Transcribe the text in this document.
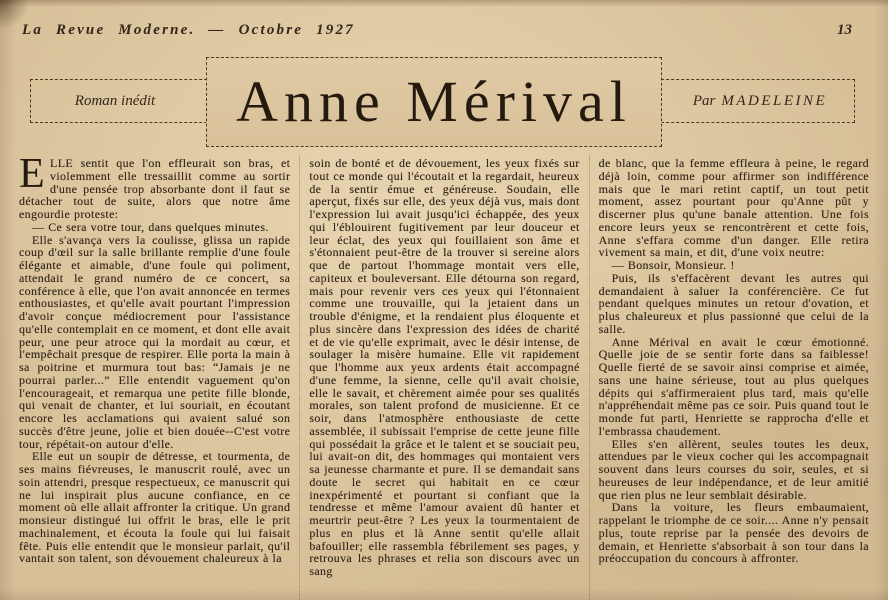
La Revue Moderne. — Octobre 1927	13
Roman inédit	Par MADELEINE
Anne Mérival

ELLE sentit que l'on effleurait son bras, et violemment elle tressaillit comme au sortir d'une pensée trop absorbante dont il faut se détacher tout de suite, alors que notre âme engourdie proteste:

— Ce sera votre tour, dans quelques minutes.

Elle s'avança vers la coulisse, glissa un rapide coup d'œil sur la salle brillante remplie d'une foule élégante et aimable, d'une foule qui poliment, attendait le grand numéro de ce concert, sa conférence à elle, que l'on avait annoncée en termes enthousiastes, et qu'elle avait pourtant l'impression d'avoir conçue médiocrement pour l'assistance qu'elle contemplait en ce moment, et dont elle avait peur, une peur atroce qui la mordait au cœur, et l'empêchait presque de respirer. Elle porta la main à sa poitrine et murmura tout bas: “Jamais je ne pourrai parler...” Elle entendit vaguement qu'on l'encourageait, et remarqua une petite fille blonde, qui venait de chanter, et lui souriait, en écoutant encore les acclamations qui avaient salué son succès d'être jeune, jolie et bien douée--C'est votre tour, répétait-on autour d'elle.

Elle eut un soupir de détresse, et tourmenta, de ses mains fiévreuses, le manuscrit roulé, avec un soin attendri, presque respectueux, ce manuscrit qui ne lui inspirait plus aucune confiance, en ce moment où elle allait affronter la critique. Un grand monsieur distingué lui offrit le bras, elle le prit machinalement, et écouta la foule qui lui faisait fête. Puis elle entendit que le monsieur parlait, qu'il vantait son talent, son dévouement chaleureux à la

soin de bonté et de dévouement, les yeux fixés sur tout ce monde qui l'écoutait et la regardait, heureux de la sentir émue et généreuse. Soudain, elle aperçut, fixés sur elle, des yeux déjà vus, mais dont l'expression lui avait jusqu'ici échappée, des yeux qui l'éblouirent fugitivement par leur douceur et leur éclat, des yeux qui fouillaient son âme et s'étonnaient peut-être de la trouver si sereine alors que de partout l'hommage montait vers elle, capiteux et bouleversant. Elle détourna son regard, mais pour revenir vers ces yeux qui l'étonnaient comme une trouvaille, qui la jetaient dans un trouble d'énigme, et la rendaient plus éloquente et plus sincère dans l'expression des idées de charité et de vie qu'elle exprimait, avec le désir intense, de soulager la misère humaine. Elle vit rapidement que l'homme aux yeux ardents était accompagné d'une femme, la sienne, celle qu'il avait choisie, elle le savait, et chèrement aimée pour ses qualités morales, son talent profond de musicienne. Et ce soir, dans l'atmosphère enthousiaste de cette assemblée, il subissait l'emprise de cette jeune fille qui possédait la grâce et le talent et se souciait peu, lui avait-on dit, des hommages qui montaient vers sa jeunesse charmante et pure. Il se demandait sans doute le secret qui habitait en ce cœur inexpérimenté et pourtant si confiant que la tendresse et même l'amour avaient dû hanter et meurtrir peut-être ? Les yeux la tourmentaient de plus en plus et là Anne sentit qu'elle allait bafouiller; elle rassembla fébrilement ses pages, y retrouva les phrases et relia son discours avec un sang

de blanc, que la femme effleura à peine, le regard déjà loin, comme pour affirmer son indifférence mais que le mari retint captif, un tout petit moment, assez pourtant pour qu'Anne pût y discerner plus qu'une banale attention. Une fois encore leurs yeux se rencontrèrent et cette fois, Anne s'effara comme d'un danger. Elle retira vivement sa main, et dit, d'une voix neutre:

— Bonsoir, Monsieur. !

Puis, ils s'effacèrent devant les autres qui demandaient à saluer la conférencière. Ce fut pendant quelques minutes un retour d'ovation, et plus chaleureux et plus passionné que celui de la salle.

Anne Mérival en avait le cœur émotionné. Quelle joie de se sentir forte dans sa faiblesse! Quelle fierté de se savoir ainsi comprise et aimée, sans une haine sérieuse, tout au plus quelques dépits qui s'affirmeraient plus tard, mais qu'elle n'appréhendait même pas ce soir. Puis quand tout le monde fut parti, Henriette se rapprocha d'elle et l'embrassa chaudement.

Elles s'en allèrent, seules toutes les deux, attendues par le vieux cocher qui les accompagnait souvent dans leurs courses du soir, seules, et si heureuses de leur indépendance, et de leur amitié que rien plus ne leur semblait désirable.

Dans la voiture, les fleurs embaumaient, rappelant le triomphe de ce soir.... Anne n'y pensait plus, toute reprise par la pensée des devoirs de demain, et Henriette s'absorbait à son tour dans la préoccupation du concours à affronter.
